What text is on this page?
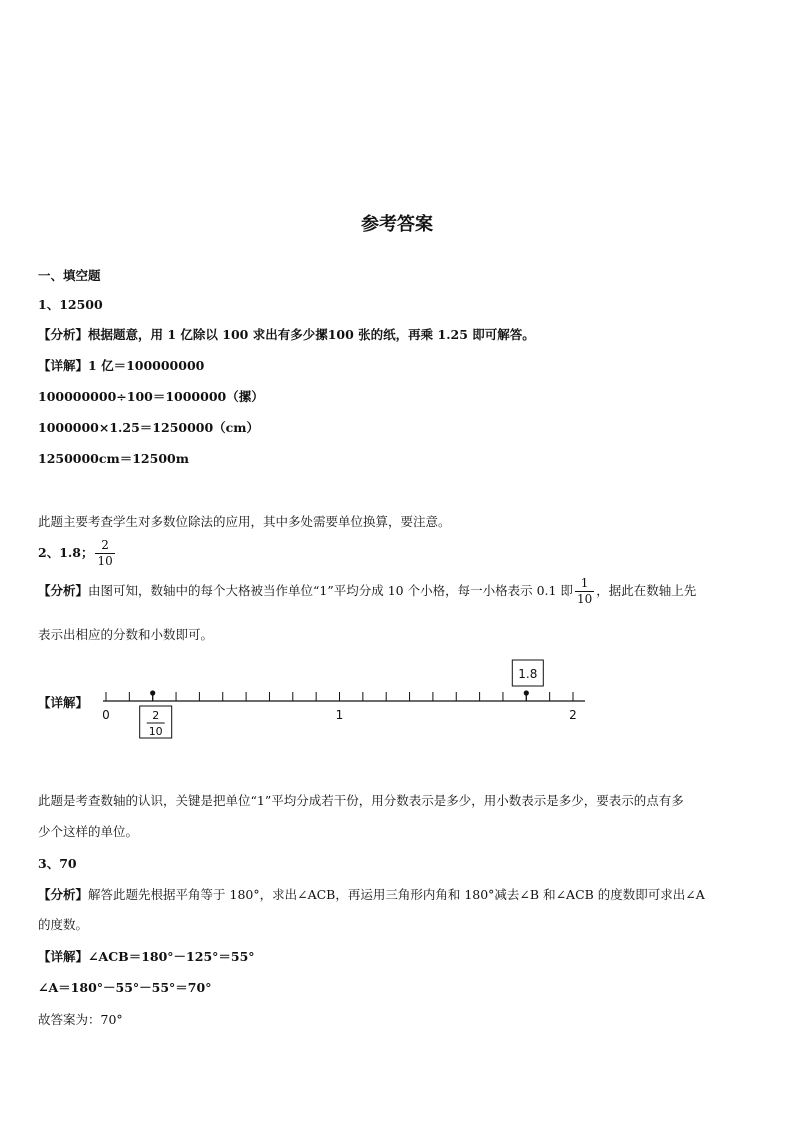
参考答案
一、填空题
1、12500
【分析】根据题意，用 1 亿除以 100 求出有多少摞100 张的纸，再乘 1.25 即可解答。
【详解】1 亿＝100000000
100000000÷100＝1000000（摞）
1000000×1.25＝1250000（cm）
1250000cm＝12500m
此题主要考查学生对多数位除法的应用，其中多处需要单位换算，要注意。
2、1.8； $\frac{2}{10}$
【分析】由图可知，数轴中的每个大格被当作单位“1”平均分成 10 个小格，每一小格表示 0.1 即 $\frac{1}{10}$ ，据此在数轴上先
表示出相应的分数和小数即可。
【详解】
0	1	2
2
10
1.8
此题是考查数轴的认识，关键是把单位“1”平均分成若干份，用分数表示是多少，用小数表示是多少，要表示的点有多
少个这样的单位。
3、70
【分析】解答此题先根据平角等于 180°，求出∠ACB，再运用三角形内角和 180°减去∠B 和∠ACB 的度数即可求出∠A
的度数。
【详解】∠ACB＝180°－125°＝55°
∠A＝180°－55°－55°＝70°
故答案为：70°
